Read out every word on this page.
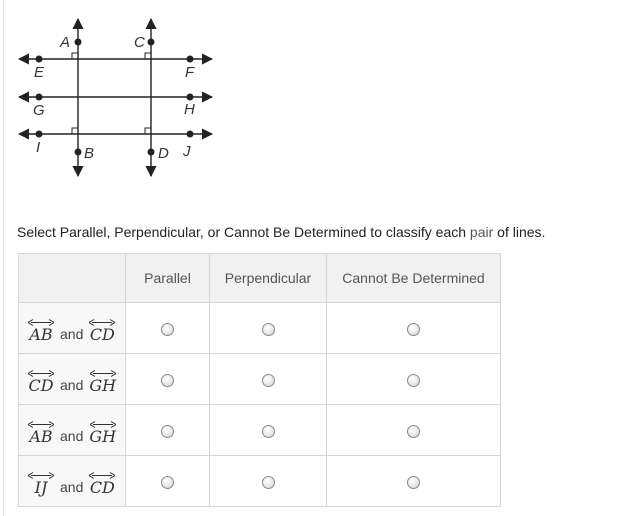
A	C
E	F
G	H
I	B	D J
Select Parallel, Perpendicular, or Cannot Be Determined to classify each pair of lines.
	Parallel	Perpendicular	Cannot Be Determined

AB and CD			

CD and GH			

AB and GH			

IJ and CD			
